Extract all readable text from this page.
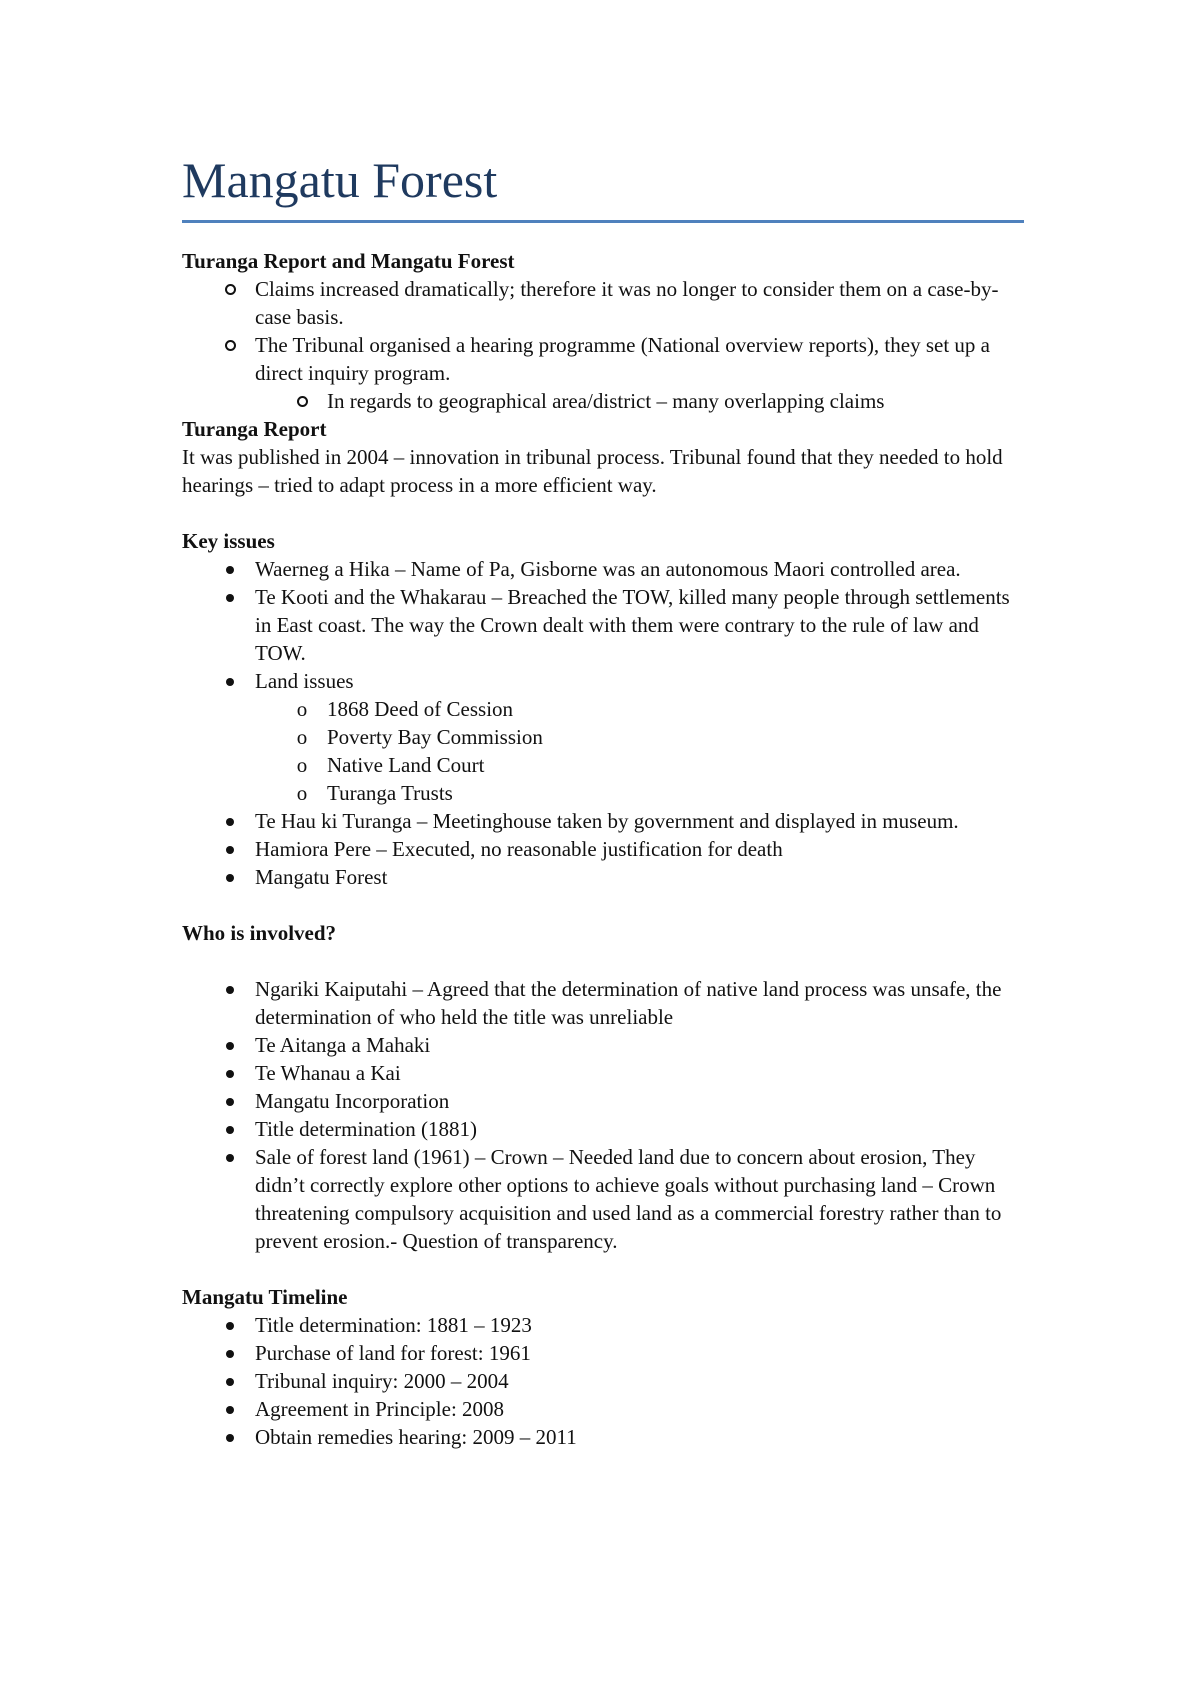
Mangatu Forest

Turanga Report and Mangatu Forest

Claims increased dramatically; therefore it was no longer to consider them on a case-by-case basis.
The Tribunal organised a hearing programme (National overview reports), they set up a direct inquiry program.
In regards to geographical area/district – many overlapping claims

Turanga Report

It was published in 2004 – innovation in tribunal process. Tribunal found that they needed to hold hearings – tried to adapt process in a more efficient way.

Key issues

Waerneg a Hika – Name of Pa, Gisborne was an autonomous Maori controlled area.
Te Kooti and the Whakarau – Breached the TOW, killed many people through settlements in East coast. The way the Crown dealt with them were contrary to the rule of law and TOW.
Land issues
o 1868 Deed of Cession
o Poverty Bay Commission
o Native Land Court
o Turanga Trusts
Te Hau ki Turanga – Meetinghouse taken by government and displayed in museum.
Hamiora Pere – Executed, no reasonable justification for death
Mangatu Forest

Who is involved?

Ngariki Kaiputahi – Agreed that the determination of native land process was unsafe, the determination of who held the title was unreliable
Te Aitanga a Mahaki
Te Whanau a Kai
Mangatu Incorporation
Title determination (1881)
Sale of forest land (1961) – Crown – Needed land due to concern about erosion, They didn’t correctly explore other options to achieve goals without purchasing land – Crown threatening compulsory acquisition and used land as a commercial forestry rather than to prevent erosion.- Question of transparency.

Mangatu Timeline

Title determination: 1881 – 1923
Purchase of land for forest: 1961
Tribunal inquiry: 2000 – 2004
Agreement in Principle: 2008
Obtain remedies hearing: 2009 – 2011
